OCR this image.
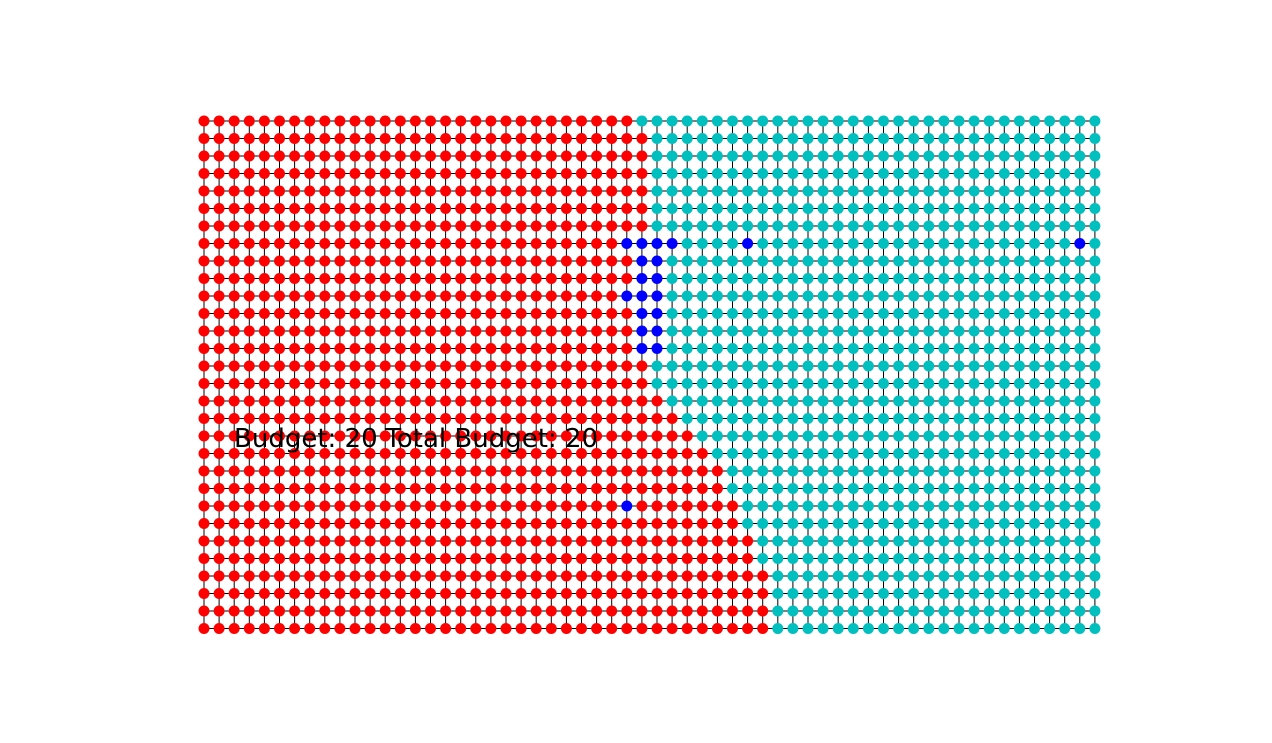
Budget: 20 Total Budget: 20
